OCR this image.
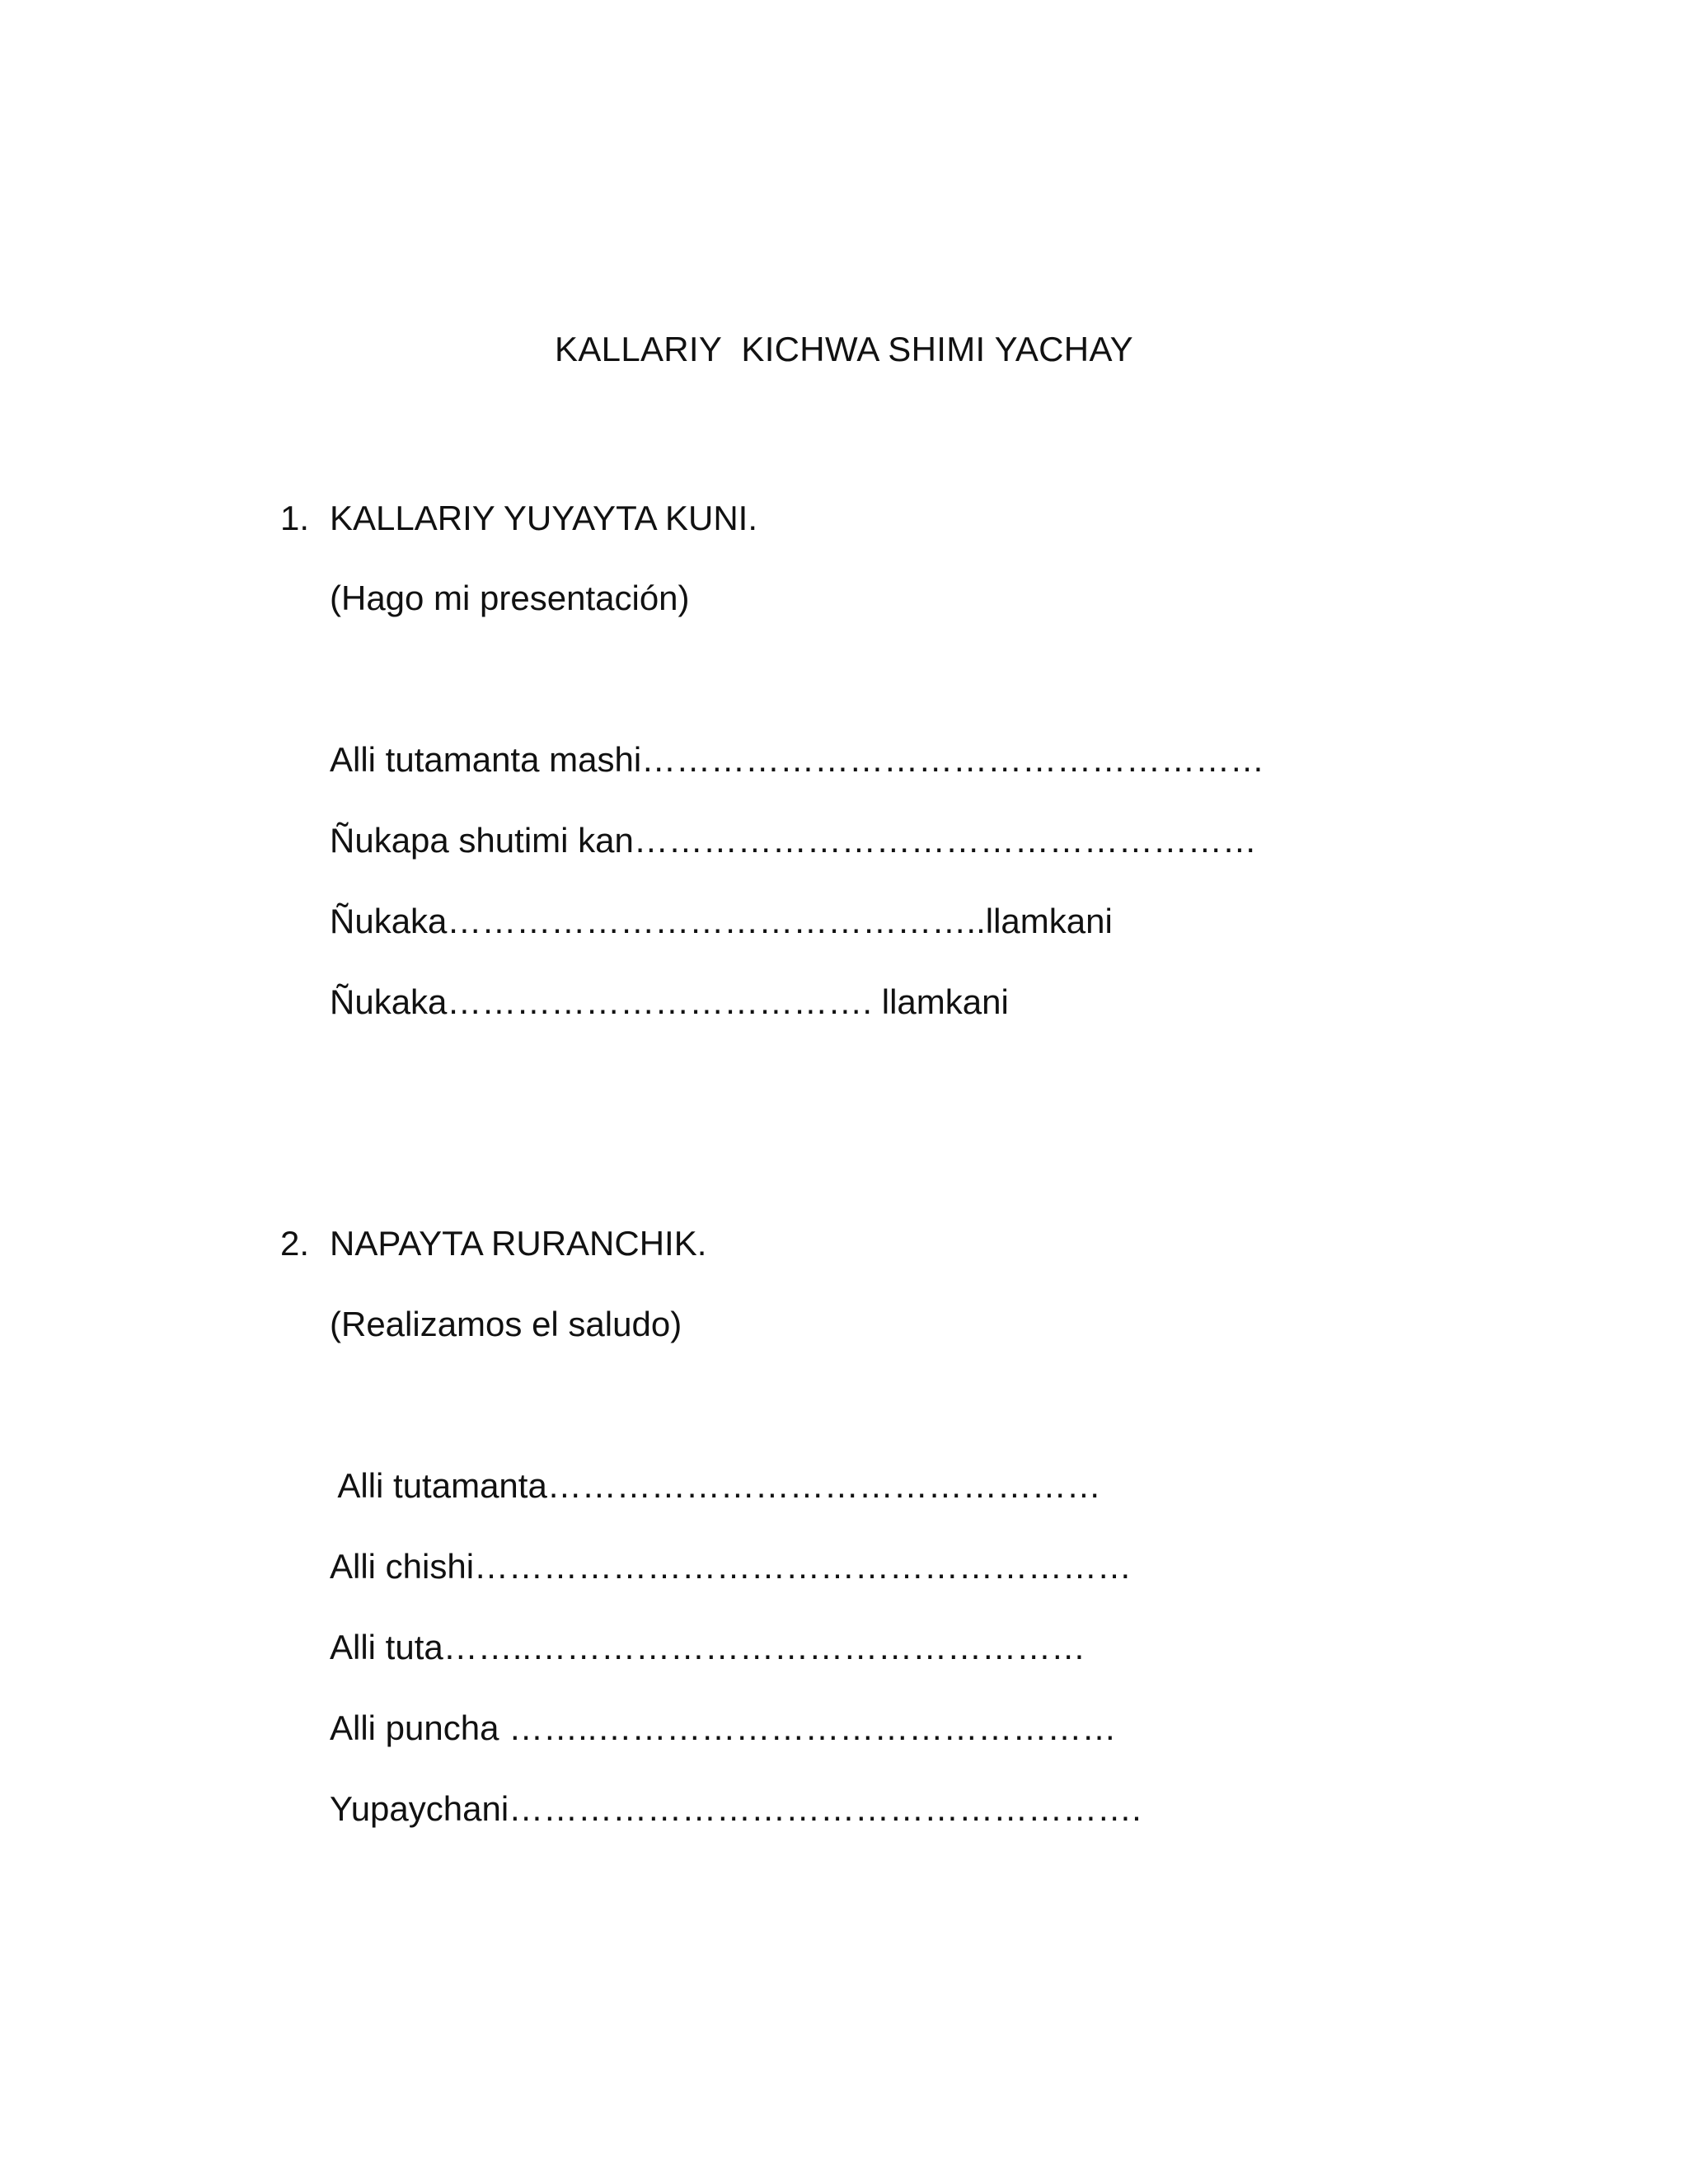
KALLARIY  KICHWA SHIMI YACHAY
1. KALLARIY YUYAYTA KUNI.
(Hago mi presentación)
Alli tutamanta mashi………………………………………………
Ñukapa shutimi kan………………………………………………
Ñukaka………………………………………..llamkani
Ñukaka………………………………. llamkani
2. NAPAYTA RURANCHIK.
(Realizamos el saludo)
Alli tutamanta…………………………………………
Alli chishi…………………………………………………
Alli tuta……..…………………………………………
Alli puncha ……..………………………………………
Yupaychani……………………………………………….
